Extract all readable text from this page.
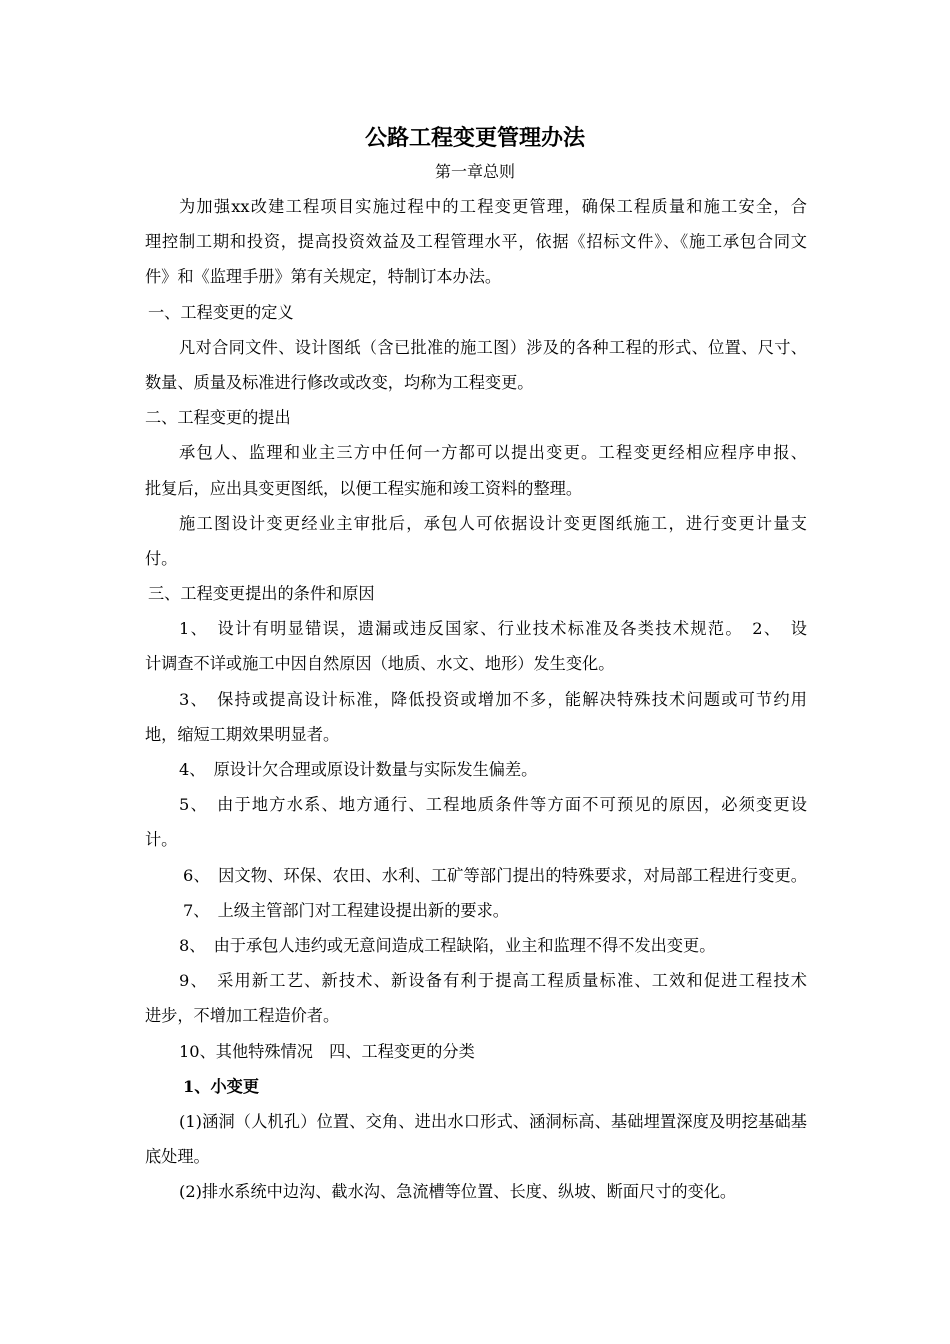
公路工程变更管理办法
第一章总则
为加强xx改建工程项目实施过程中的工程变更管理，确保工程质量和施工安全，合
理控制工期和投资，提高投资效益及工程管理水平，依据《招标文件》、《施工承包合同文
件》和《监理手册》第有关规定，特制订本办法。
一、工程变更的定义
凡对合同文件、设计图纸（含已批准的施工图）涉及的各种工程的形式、位置、尺寸、
数量、质量及标准进行修改或改变，均称为工程变更。
二、工程变更的提出
承包人、监理和业主三方中任何一方都可以提出变更。工程变更经相应程序申报、
批复后，应出具变更图纸，以便工程实施和竣工资料的整理。
施工图设计变更经业主审批后，承包人可依据设计变更图纸施工，进行变更计量支
付。
三、工程变更提出的条件和原因
1、　设计有明显错误，遗漏或违反国家、行业技术标准及各类技术规范。　2、　设
计调查不详或施工中因自然原因（地质、水文、地形）发生变化。
3、　保持或提高设计标准，降低投资或增加不多，能解决特殊技术问题或可节约用
地，缩短工期效果明显者。
4、　原设计欠合理或原设计数量与实际发生偏差。
5、　由于地方水系、地方通行、工程地质条件等方面不可预见的原因，必须变更设
计。
6、　因文物、环保、农田、水利、工矿等部门提出的特殊要求，对局部工程进行变更。
7、　上级主管部门对工程建设提出新的要求。
8、　由于承包人违约或无意间造成工程缺陷，业主和监理不得不发出变更。
9、　采用新工艺、新技术、新设备有利于提高工程质量标准、工效和促进工程技术
进步，不增加工程造价者。
10、其他特殊情况　四、工程变更的分类
1、小变更
(1)涵洞（人机孔）位置、交角、进出水口形式、涵洞标高、基础埋置深度及明挖基础基
底处理。
(2)排水系统中边沟、截水沟、急流槽等位置、长度、纵坡、断面尺寸的变化。
